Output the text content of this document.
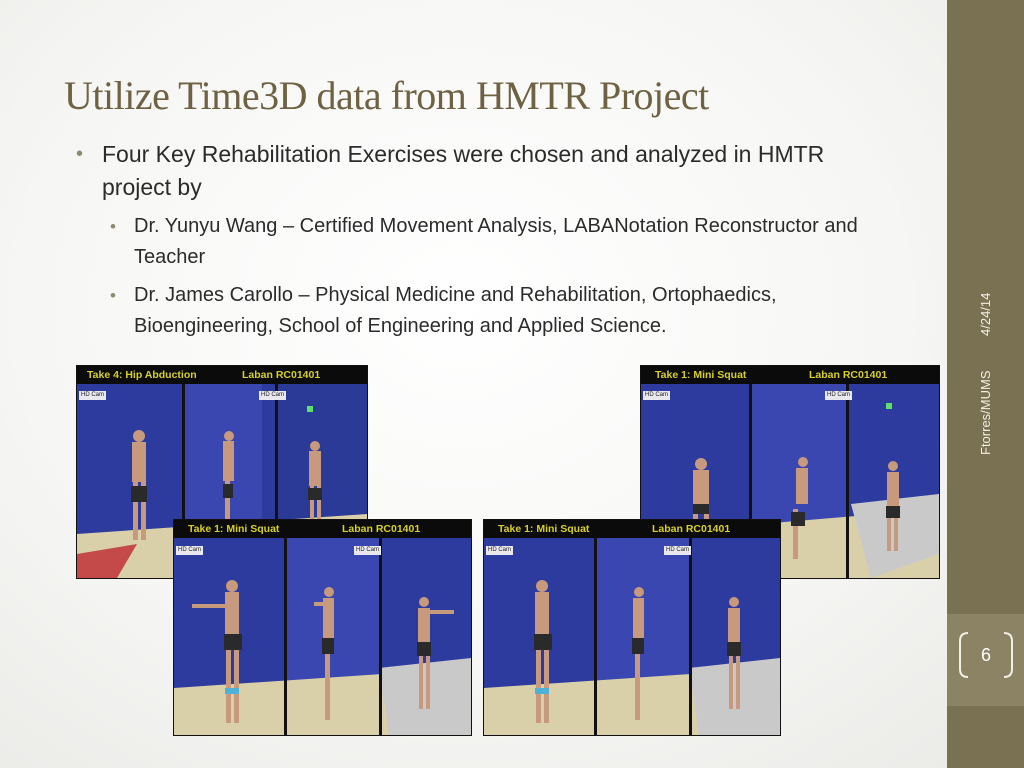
Utilize Time3D data from HMTR Project
• Four Key Rehabilitation Exercises were chosen and analyzed in HMTR project by
• Dr. Yunyu Wang – Certified Movement Analysis, LABANotation Reconstructor and Teacher
• Dr. James Carollo – Physical Medicine and Rehabilitation, Ortophaedics, Bioengineering, School of Engineering and Applied Science.	4/24/14
Ftorres/MUMS
6
Take 4: Hip Abduction	Laban RC01401
HD Cam	HD Cam
Take 1: Mini Squat	Laban RC01401
HD Cam	HD Cam
Take 1: Mini Squat	Laban RC01401
HD Cam	HD Cam
Take 1: Mini Squat	Laban RC01401
HD Cam	HD Cam
